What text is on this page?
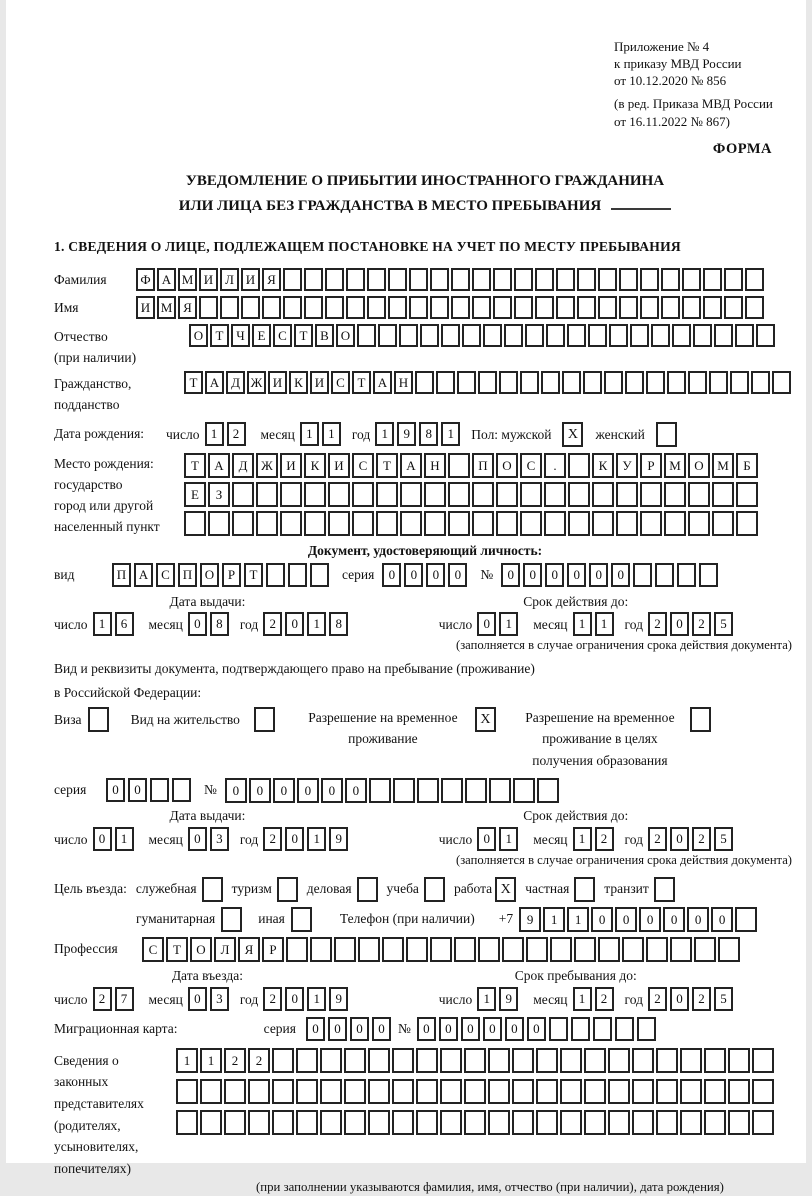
Приложение № 4
к приказу МВД России
от 10.12.2020 № 856
(в ред. Приказа МВД России
от 16.11.2022 № 867)
ФОРМА
УВЕДОМЛЕНИЕ О ПРИБЫТИИ ИНОСТРАННОГО ГРАЖДАНИНА
ИЛИ ЛИЦА БЕЗ ГРАЖДАНСТВА В МЕСТО ПРЕБЫВАНИЯ
1. СВЕДЕНИЯ О ЛИЦЕ, ПОДЛЕЖАЩЕМ ПОСТАНОВКЕ НА УЧЕТ ПО МЕСТУ ПРЕБЫВАНИЯ
Фамилия	Ф А М И Л И Я
Имя	И М Я
Отчество
(при наличии)
О Т Ч Е С Т В О
Гражданство,
подданство
Т А Д Ж И К И С Т А Н
Дата рождения:	число 1 2	месяц 1 1	год 1 9 8 1	Пол: мужской	X	женский
Место рождения:
государство
город или другой
населенный пункт
Т А Д Ж И К И С Т А Н	П О С .	К У Р М О М Б
Е З
Документ, удостоверяющий личность:
вид	П А С П О Р Т	серия	0 0 0 0	№	0 0 0 0 0 0
Дата выдачи:
число 1 6	месяц 0 8	год 2 0 1 8
Срок действия до:
число 0 1	месяц 1 1	год 2 0 2 5
(заполняется в случае ограничения срока действия документа)
Вид и реквизиты документа, подтверждающего право на пребывание (проживание)
в Российской Федерации:
Виза	Вид на жительство	Разрешение на временное
проживание
X	Разрешение на временное
проживание в целях
получения образования
серия	0 0	№	0 0 0 0 0 0
Дата выдачи:
число 0 1	месяц 0 3	год 2 0 1 9
Срок действия до:
число 0 1	месяц 1 2	год 2 0 2 5
(заполняется в случае ограничения срока действия документа)
Цель въезда: служебная	туризм	деловая	учеба	работа X	частная	транзит
гуманитарная	иная	Телефон (при наличии) +7	9 1 1 0 0 0 0 0 0
Профессия	С Т О Л Я Р
Дата въезда:
число 2 7	месяц 0 3	год 2 0 1 9
Срок пребывания до:
число 1 9	месяц 1 2	год 2 0 2 5
Миграционная карта:	серия	0 0 0 0 № 0 0 0 0 0 0
Сведения о
законных
представителях
(родителях,
усыновителях,
попечителях)
1 1 2 2
(при заполнении указываются фамилия, имя, отчество (при наличии), дата рождения)
